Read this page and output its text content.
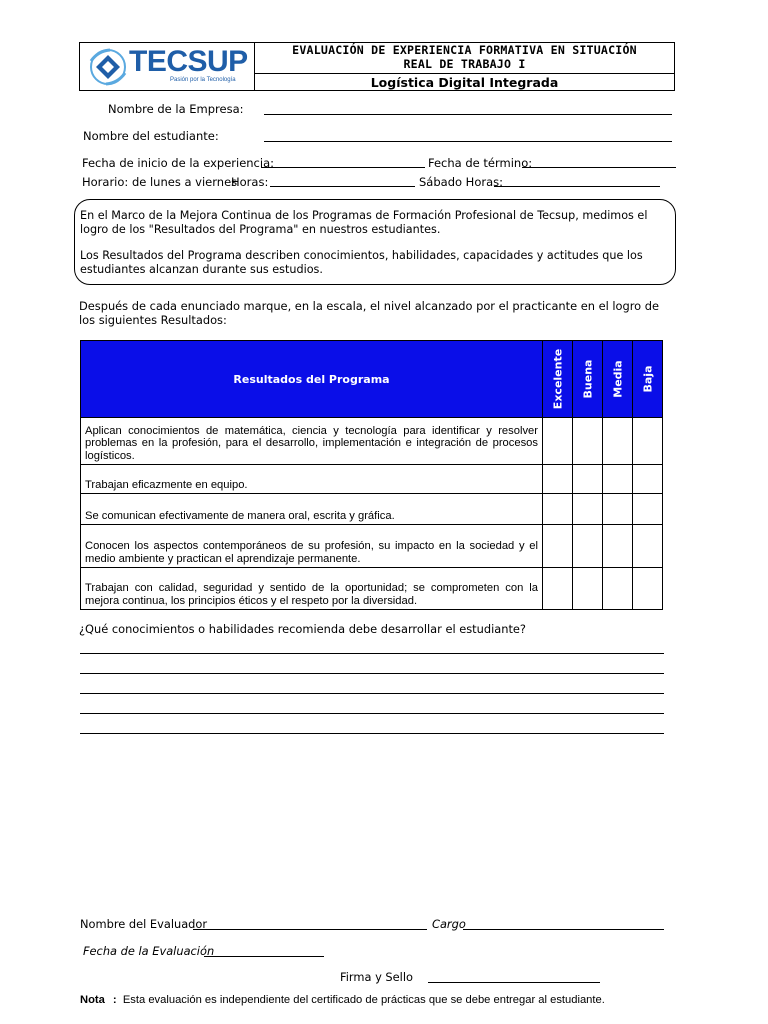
TECSUP
Pasión por la Tecnología
EVALUACIÓN DE EXPERIENCIA FORMATIVA EN SITUACIÓN
REAL DE TRABAJO I
Logística Digital Integrada
Nombre de la Empresa:
Nombre del estudiante:
Fecha de inicio de la experiencia:	Fecha de término:
Horario: de lunes a viernes
Horas:	Sábado Horas:

En el Marco de la Mejora Continua de los Programas de Formación Profesional de Tecsup, medimos el logro de los "Resultados del Programa" en nuestros estudiantes.

Los Resultados del Programa describen conocimientos, habilidades, capacidades y actitudes que los estudiantes alcanzan durante sus estudios.

Después de cada enunciado marque, en la escala, el nivel alcanzado por el practicante en el logro de los siguientes Resultados:
Resultados del Programa	Excelente	Buena	Media	Baja

Aplican conocimientos de matemática, ciencia y tecnología para identificar y resolver problemas en la profesión, para el desarrollo, implementación e integración de procesos logísticos.				
Trabajan eficazmente en equipo.				
Se comunican efectivamente de manera oral, escrita y gráfica.				
Conocen los aspectos contemporáneos de su profesión, su impacto en la sociedad y el medio ambiente y practican el aprendizaje permanente.				
Trabajan con calidad, seguridad y sentido de la oportunidad; se comprometen con la mejora continua, los principios éticos y el respeto por la diversidad.				
¿Qué conocimientos o habilidades recomienda debe desarrollar el estudiante?
Nombre del Evaluador	Cargo
Fecha de la Evaluación
Firma y Sello
Nota : Esta evaluación es independiente del certificado de prácticas que se debe entregar al estudiante.
